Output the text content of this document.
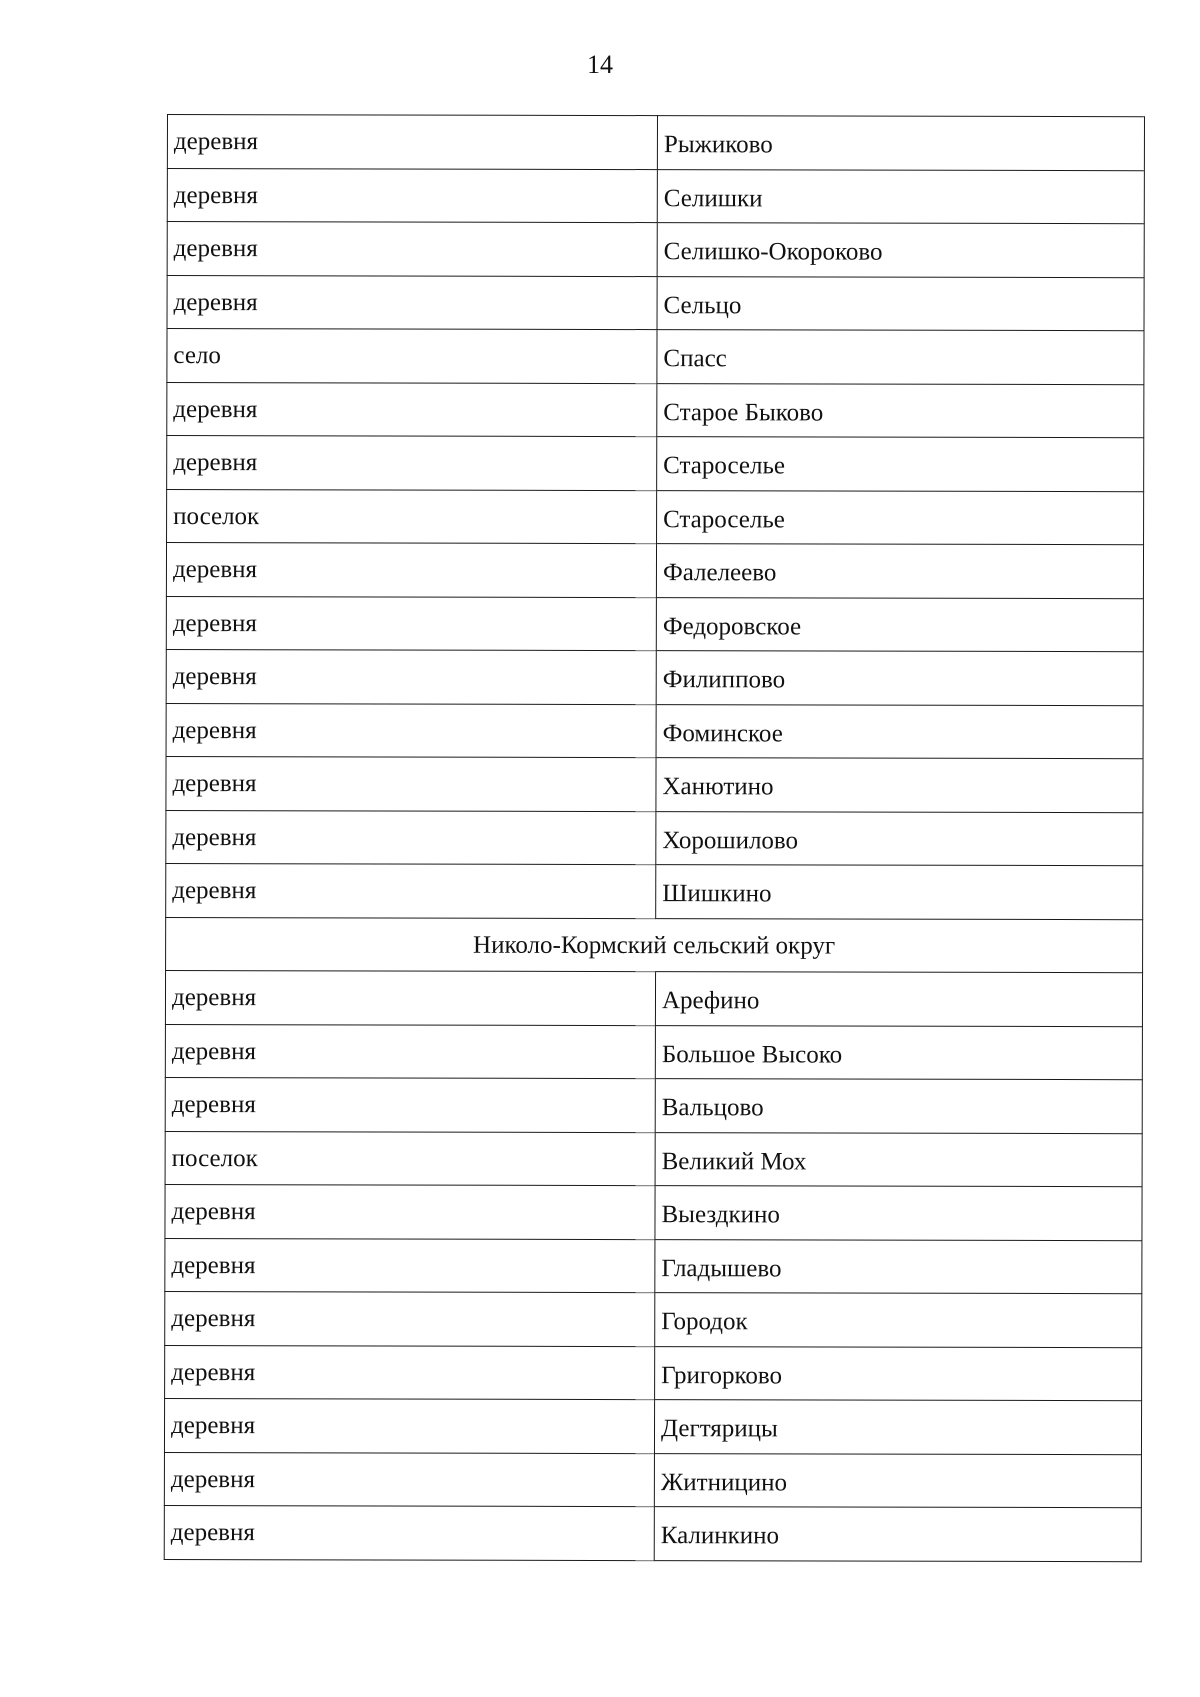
14
деревня	Рыжиково
деревня	Селишки
деревня	Селишко-Окороково
деревня	Сельцо
село	Спасс
деревня	Старое Быково
деревня	Староселье
поселок	Староселье
деревня	Фалелеево
деревня	Федоровское
деревня	Филиппово
деревня	Фоминское
деревня	Ханютино
деревня	Хорошилово
деревня	Шишкино
Николо-Кормский сельский округ	
деревня	Арефино
деревня	Большое Высоко
деревня	Вальцово
поселок	Великий Мох
деревня	Выездкино
деревня	Гладышево
деревня	Городок
деревня	Григорково
деревня	Дегтярицы
деревня	Житницино
деревня	Калинкино
